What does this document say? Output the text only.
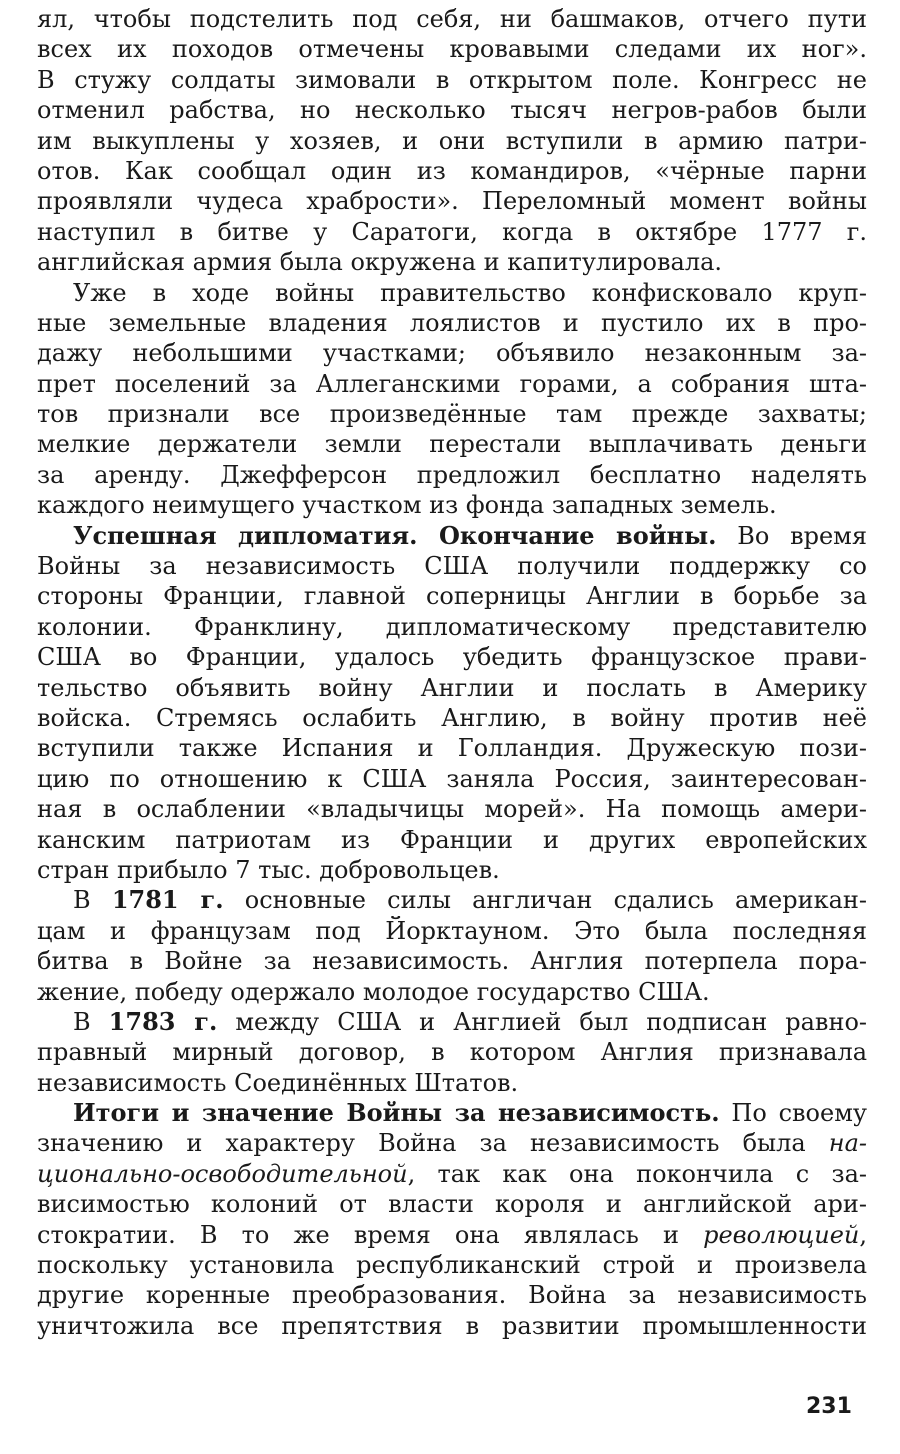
ял, чтобы подстелить под себя, ни башмаков, отчего пути
всех их походов отмечены кровавыми следами их ног».
В стужу солдаты зимовали в открытом поле. Конгресс не
отменил рабства, но несколько тысяч негров-рабов были
им выкуплены у хозяев, и они вступили в армию патри-
отов. Как сообщал один из командиров, «чёрные парни
проявляли чудеса храбрости». Переломный момент войны
наступил в битве у Саратоги, когда в октябре 1777 г.
английская армия была окружена и капитулировала.
Уже в ходе войны правительство конфисковало круп-
ные земельные владения лоялистов и пустило их в про-
дажу небольшими участками; объявило незаконным за-
прет поселений за Аллеганскими горами, а собрания шта-
тов признали все произведённые там прежде захваты;
мелкие держатели земли перестали выплачивать деньги
за аренду. Джефферсон предложил бесплатно наделять
каждого неимущего участком из фонда западных земель.
Успешная дипломатия. Окончание войны. Во время
Войны за независимость США получили поддержку со
стороны Франции, главной соперницы Англии в борьбе за
колонии. Франклину, дипломатическому представителю
США во Франции, удалось убедить французское прави-
тельство объявить войну Англии и послать в Америку
войска. Стремясь ослабить Англию, в войну против неё
вступили также Испания и Голландия. Дружескую пози-
цию по отношению к США заняла Россия, заинтересован-
ная в ослаблении «владычицы морей». На помощь амери-
канским патриотам из Франции и других европейских
стран прибыло 7 тыс. добровольцев.
В 1781 г. основные силы англичан сдались американ-
цам и французам под Йорктауном. Это была последняя
битва в Войне за независимость. Англия потерпела пора-
жение, победу одержало молодое государство США.
В 1783 г. между США и Англией был подписан равно-
правный мирный договор, в котором Англия признавала
независимость Соединённых Штатов.
Итоги и значение Войны за независимость. По своему
значению и характеру Война за независимость была на-
ционально-освободительной, так как она покончила с за-
висимостью колоний от власти короля и английской ари-
стократии. В то же время она являлась и революцией,
поскольку установила республиканский строй и произвела
другие коренные преобразования. Война за независимость
уничтожила все препятствия в развитии промышленности
231
